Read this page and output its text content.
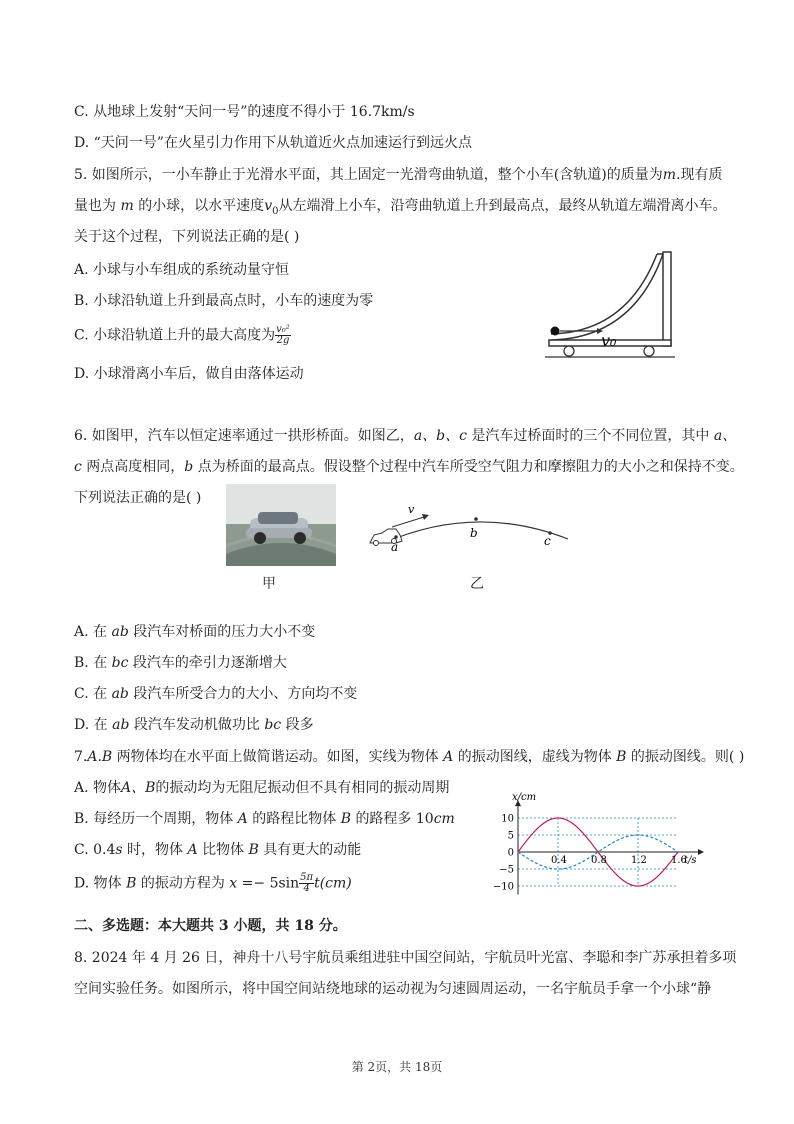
C. 从地球上发射“天问一号”的速度不得小于 16.7km/s
D. “天问一号”在火星引力作用下从轨道近火点加速运行到远火点
5. 如图所示，一小车静止于光滑水平面，其上固定一光滑弯曲轨道，整个小车(含轨道)的质量为m.现有质
量也为 m 的小球，以水平速度$v_0$从左端滑上小车，沿弯曲轨道上升到最高点，最终从轨道左端滑离小车。
关于这个过程，下列说法正确的是( )
A. 小球与小车组成的系统动量守恒
B. 小球沿轨道上升到最高点时，小车的速度为零
C. 小球沿轨道上升的最大高度为 $\frac{\text{v₀²}}{2g}$
D. 小球滑离小车后，做自由落体运动
v₀
6. 如图甲，汽车以恒定速率通过一拱形桥面。如图乙，a、b、c 是汽车过桥面时的三个不同位置，其中 a、
c 两点高度相同，b 点为桥面的最高点。假设整个过程中汽车所受空气阻力和摩擦阻力的大小之和保持不变。
下列说法正确的是( )
甲
v
a
b
c
乙
A. 在 ab 段汽车对桥面的压力大小不变
B. 在 bc 段汽车的牵引力逐渐增大
C. 在 ab 段汽车所受合力的大小、方向均不变
D. 在 ab 段汽车发动机做功比 bc 段多
7.A.B 两物体均在水平面上做简谐运动。如图，实线为物体 A 的振动图线，虚线为物体 B 的振动图线。则( )
A. 物体A、B的振动均为无阻尼振动但不具有相同的振动周期
B. 每经历一个周期，物体 A 的路程比物体 B 的路程多 10cm
C. 0.4s 时，物体 A 比物体 B 具有更大的动能
D. 物体 B 的振动方程为 $x =- 5\sin \frac{5\pi}{4} t(cm)$
0.4 0.8 1.2 1.6
10
5
0
−5
−10
x/cm
t/s
二、多选题：本大题共 3 小题，共 18 分。
8. 2024 年 4 月 26 日，神舟十八号宇航员乘组进驻中国空间站，宇航员叶光富、李聪和李广苏承担着多项
空间实验任务。如图所示，将中国空间站绕地球的运动视为匀速圆周运动，一名宇航员手拿一个小球“静
第 2页，共 18页
